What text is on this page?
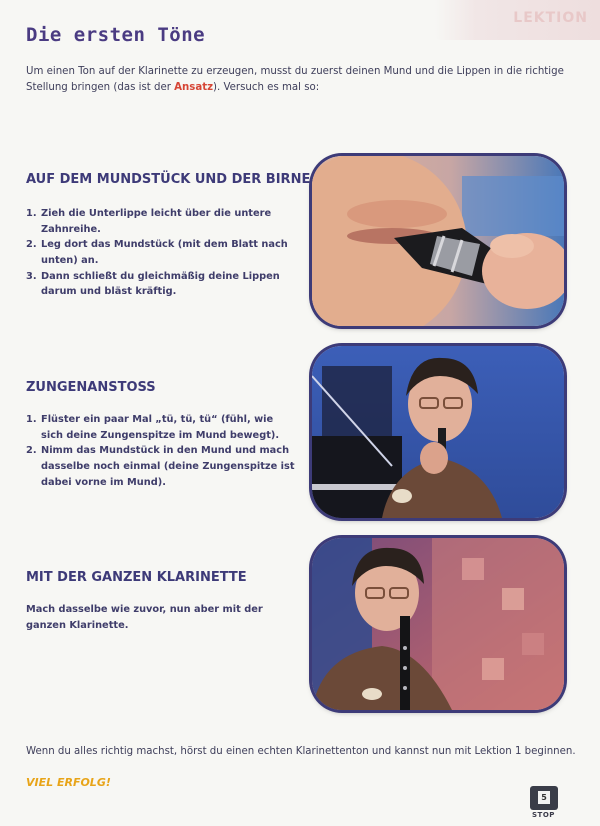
LEKTION
Die ersten Töne

Um einen Ton auf der Klarinette zu erzeugen, musst du zuerst deinen Mund und die Lippen in die richtige Stellung bringen (das ist der Ansatz). Versuch es mal so:

AUF DEM MUNDSTÜCK UND DER BIRNE
1. Zieh die Unterlippe leicht über die untere Zahnreihe.
2. Leg dort das Mundstück (mit dem Blatt nach unten) an.
3. Dann schließt du gleichmäßig deine Lippen darum und bläst kräftig.
ZUNGENANSTOSS
1. Flüster ein paar Mal „tü, tü, tü“ (fühl, wie sich deine Zungenspitze im Mund bewegt).
2. Nimm das Mundstück in den Mund und mach dasselbe noch einmal (deine Zungenspitze ist dabei vorne im Mund).
MIT DER GANZEN KLARINETTE

Mach dasselbe wie zuvor, nun aber mit der ganzen Klarinette.

Wenn du alles richtig machst, hörst du einen echten Klarinettenton und kannst nun mit Lektion 1 beginnen.

VIEL ERFOLG!

5

STOP
